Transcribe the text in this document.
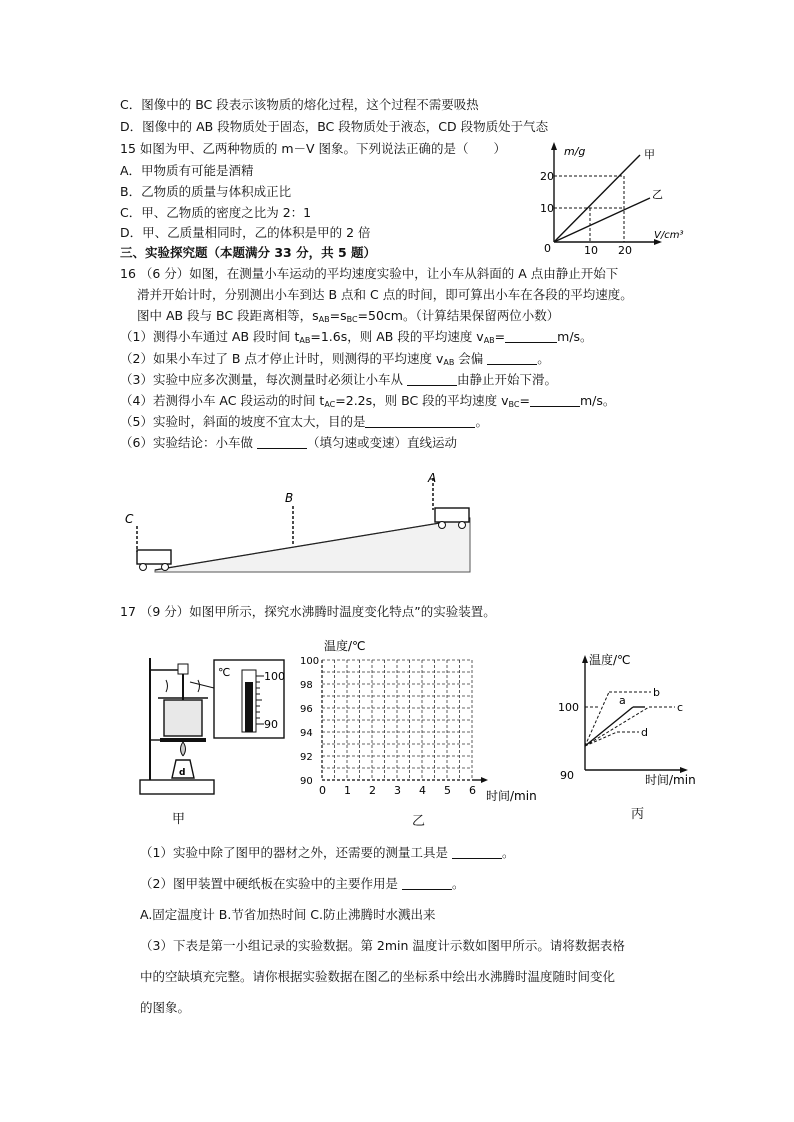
C．图像中的 BC 段表示该物质的熔化过程，这个过程不需要吸热
D．图像中的 AB 段物质处于固态，BC 段物质处于液态，CD 段物质处于气态
15 如图为甲、乙两种物质的 m－V 图象。下列说法正确的是（　　）
A．甲物质有可能是酒精
B．乙物质的质量与体积成正比
C．甲、乙物质的密度之比为 2：1
D．甲、乙质量相同时，乙的体积是甲的 2 倍
m/g
V/cm³
0
10
20
10 20
甲
乙
三、实验探究题（本题满分 33 分，共 5 题）
16 （6 分）如图，在测量小车运动的平均速度实验中，让小车从斜面的 A 点由静止开始下
滑并开始计时，分别测出小车到达 B 点和 C 点的时间，即可算出小车在各段的平均速度。
图中 AB 段与 BC 段距离相等，$s_{AB}=s_{BC}=50cm$。（计算结果保留两位小数）
（1）测得小车通过 AB 段时间 $t_{AB}=1.6s$，则 AB 段的平均速度 $v_{AB}=$	m/s。
（2）如果小车过了 B 点才停止计时，则测得的平均速度 $v_{AB}$ 会偏	。
（3）实验中应多次测量，每次测量时必须让小车从	由静止开始下滑。
（4）若测得小车 AC 段运动的时间 $t_{AC}=2.2s$，则 BC 段的平均速度 $v_{BC}=$	m/s。
（5）实验时，斜面的坡度不宜太大，目的是	。
（6）实验结论：小车做	（填匀速或变速）直线运动
A
B
C
17 （9 分）如图甲所示，探究水沸腾时温度变化特点”的实验装置。
d
℃	100
90
甲
温度/℃
时间/min
100
98
96
94
92
90
0 1 2 3 4 5 6
乙
温度/℃
时间/min
100
90
a
b
c
d
丙
（1）实验中除了图甲的器材之外，还需要的测量工具是	。
（2）图甲装置中硬纸板在实验中的主要作用是	。
A.固定温度计 B.节省加热时间 C.防止沸腾时水溅出来
（3）下表是第一小组记录的实验数据。第 2min 温度计示数如图甲所示。请将数据表格
中的空缺填充完整。请你根据实验数据在图乙的坐标系中绘出水沸腾时温度随时间变化
的图象。
